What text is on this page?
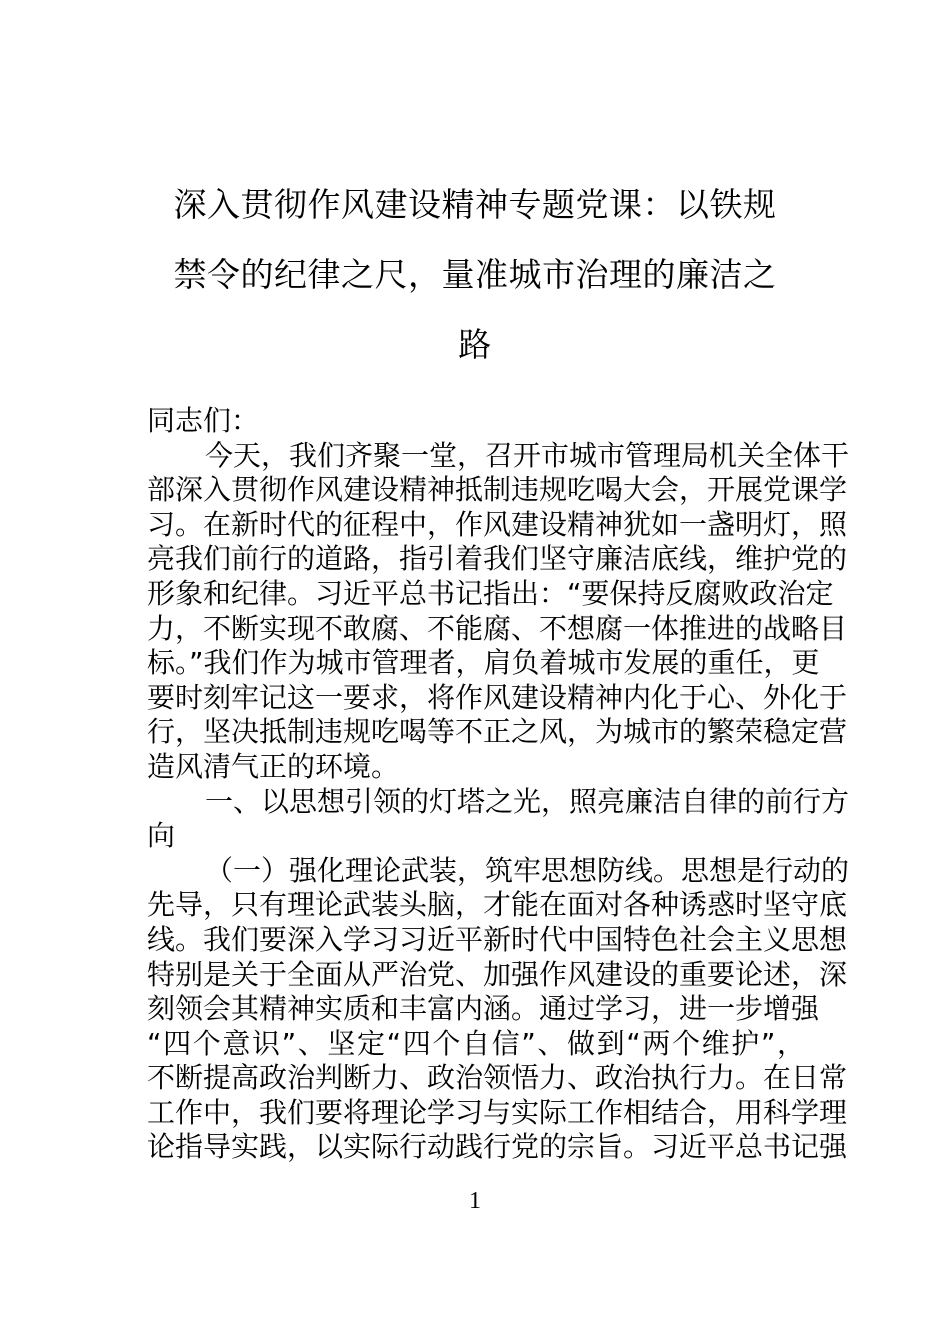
深入贯彻作风建设精神专题党课：以铁规
禁令的纪律之尺，量准城市治理的廉洁之
路
同志们：
今天，我们齐聚一堂，召开市城市管理局机关全体干
部深入贯彻作风建设精神抵制违规吃喝大会，开展党课学
习。在新时代的征程中，作风建设精神犹如一盏明灯，照
亮我们前行的道路，指引着我们坚守廉洁底线，维护党的
形象和纪律。习近平总书记指出：“要保持反腐败政治定
力，不断实现不敢腐、不能腐、不想腐一体推进的战略目
标。”我们作为城市管理者，肩负着城市发展的重任，更
要时刻牢记这一要求，将作风建设精神内化于心、外化于
行，坚决抵制违规吃喝等不正之风，为城市的繁荣稳定营
造风清气正的环境。
一、以思想引领的灯塔之光，照亮廉洁自律的前行方
向
（一）强化理论武装，筑牢思想防线。思想是行动的
先导，只有理论武装头脑，才能在面对各种诱惑时坚守底
线。我们要深入学习习近平新时代中国特色社会主义思想
特别是关于全面从严治党、加强作风建设的重要论述，深
刻领会其精神实质和丰富内涵。通过学习，进一步增强
“四个意识”、坚定“四个自信”、做到“两个维护”，
不断提高政治判断力、政治领悟力、政治执行力。在日常
工作中，我们要将理论学习与实际工作相结合，用科学理
论指导实践，以实际行动践行党的宗旨。习近平总书记强
1
